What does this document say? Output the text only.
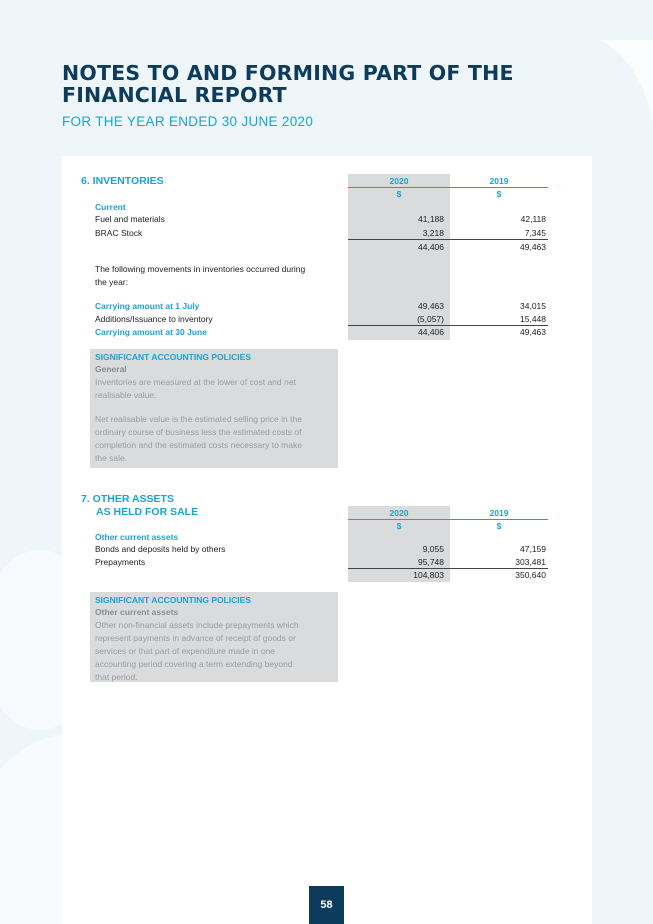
NOTES TO AND FORMING PART OF THE
FINANCIAL REPORT
FOR THE YEAR ENDED 30 JUNE 2020
6. INVENTORIES	2020	2019
$	$
Current
Fuel and materials	41,188	42,118
BRAC Stock	3,218	7,345
44,406	49,463
The following movements in inventories occurred during
the year:
Carrying amount at 1 July	49,463	34,015
Additions/Issuance to inventory	(5,057)	15,448
Carrying amount at 30 June	44,406	49,463
SIGNIFICANT ACCOUNTING POLICIES
General
Inventories are measured at the lower of cost and net
realisable value.
Net realisable value is the estimated selling price in the
ordinary course of business less the estimated costs of
completion and the estimated costs necessary to make
the sale.
7. OTHER ASSETS
AS HELD FOR SALE	2020	2019
$	$
Other current assets
Bonds and deposits held by others	9,055	47,159
Prepayments	95,748	303,481
104,803	350,640
SIGNIFICANT ACCOUNTING POLICIES
Other current assets
Other non-financial assets include prepayments which
represent payments in advance of receipt of goods or
services or that part of expenditure made in one
accounting period covering a term extending beyond
that period.
58
